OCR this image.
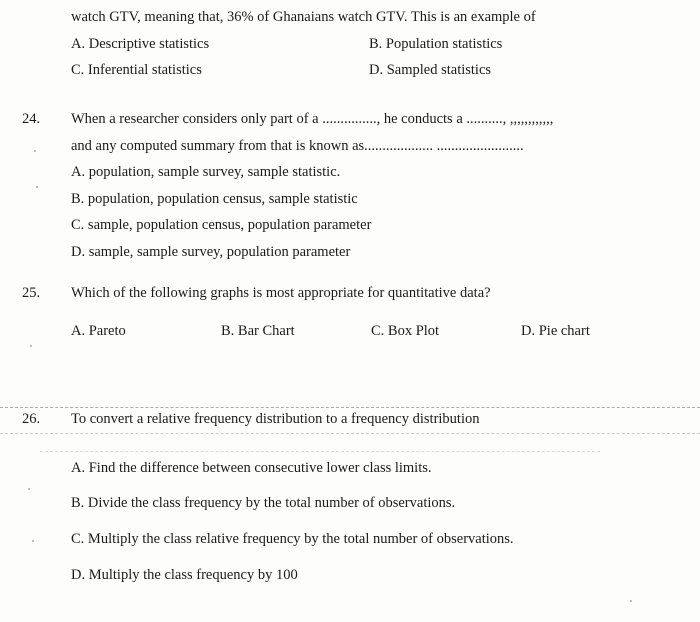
watch GTV, meaning that, 36% of Ghanaians watch GTV. This is an example of
A. Descriptive statistics	B. Population statistics
C. Inferential statistics	D. Sampled statistics
24. When a researcher considers only part of a ..............., he conducts a .........., ,,,,,,,,,,,,
and any computed summary from that is known as................... ........................
A. population, sample survey, sample statistic.
B. population, population census, sample statistic
C. sample, population census, population parameter
D. sample, sample survey, population parameter
25. Which of the following graphs is most appropriate for quantitative data?
A. Pareto	B. Bar Chart	C. Box Plot	D. Pie chart
26. To convert a relative frequency distribution to a frequency distribution
A. Find the difference between consecutive lower class limits.
B. Divide the class frequency by the total number of observations.
C. Multiply the class relative frequency by the total number of observations.
D. Multiply the class frequency by 100
